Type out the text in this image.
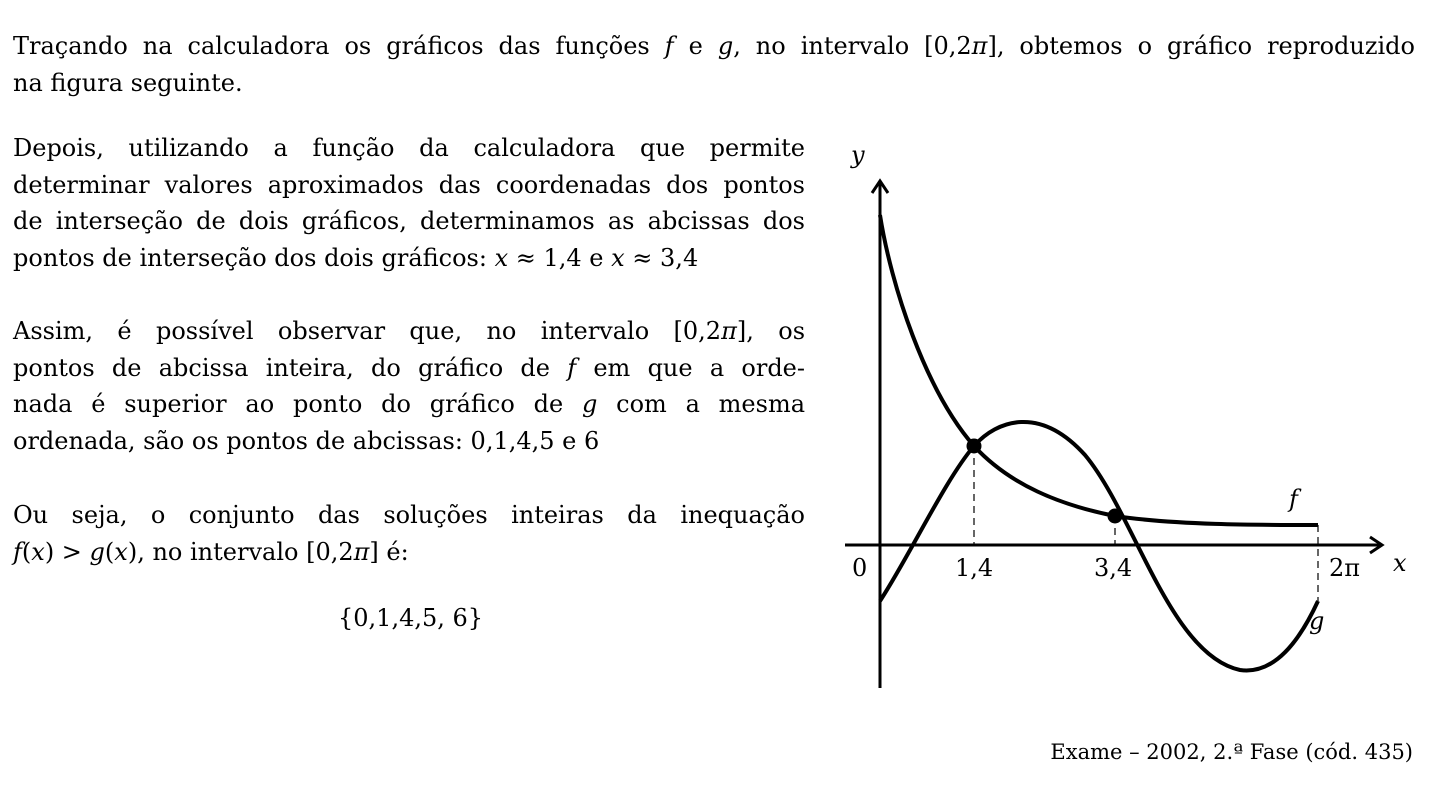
Traçando na calculadora os gráficos das funções f e g, no intervalo [0,2π], obtemos o gráfico reproduzido
na figura seguinte.
Depois, utilizando a função da calculadora que permite
determinar valores aproximados das coordenadas dos pontos
de interseção de dois gráficos, determinamos as abcissas dos
pontos de interseção dos dois gráficos: x ≈ 1,4 e x ≈ 3,4
Assim, é possível observar que, no intervalo [0,2π], os
pontos de abcissa inteira, do gráfico de f em que a orde-
nada é superior ao ponto do gráfico de g com a mesma
ordenada, são os pontos de abcissas: 0,1,4,5 e 6
Ou seja, o conjunto das soluções inteiras da inequação
f(x) > g(x), no intervalo [0,2π] é:
{0,1,4,5, 6}
y
x
0	1,4	3,4	2π
f
g
Exame – 2002, 2.ª Fase (cód. 435)
